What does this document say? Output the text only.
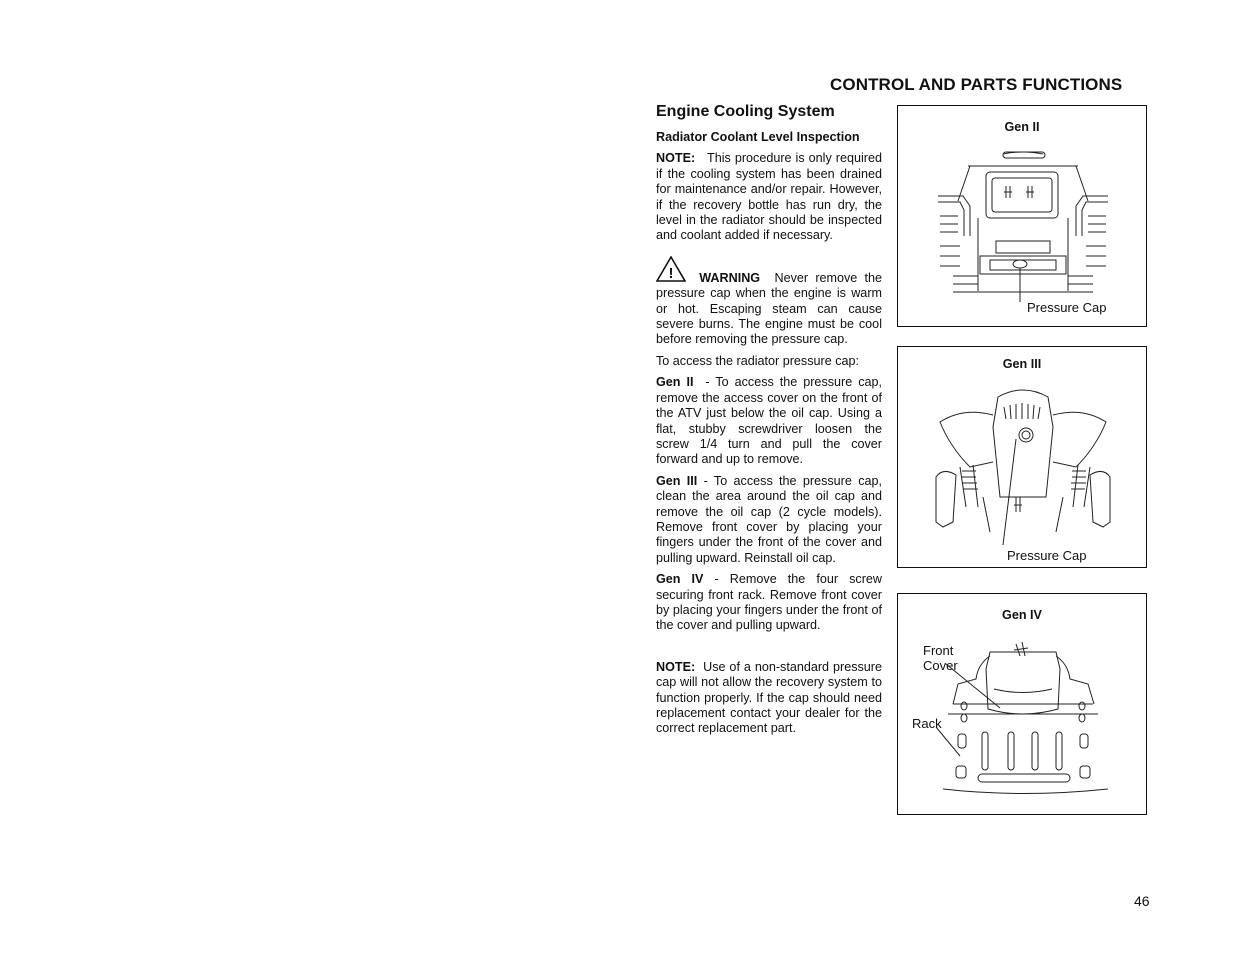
CONTROL AND PARTS FUNCTIONS
Engine Cooling System
Radiator Coolant Level Inspection

NOTE: This procedure is only required if the cooling system has been drained for maintenance and/or repair. However, if the recovery bottle has run dry, the level in the radiator should be inspected and coolant added if necessary.

! WARNING Never remove the pressure cap when the engine is warm or hot. Escaping steam can cause severe burns. The engine must be cool before removing the pressure cap.

To access the radiator pressure cap:

Gen II - To access the pressure cap, remove the access cover on the front of the ATV just below the oil cap. Using a flat, stubby screwdriver loosen the screw 1/4 turn and pull the cover forward and up to remove.

Gen III - To access the pressure cap, clean the area around the oil cap and remove the oil cap (2 cycle models). Remove front cover by placing your fingers under the front of the cover and pulling upward. Reinstall oil cap.

Gen IV - Remove the four screw securing front rack. Remove front cover by placing your fingers under the front of the cover and pulling upward.

NOTE: Use of a non-standard pressure cap will not allow the recovery system to function properly. If the cap should need replacement contact your dealer for the correct replacement part.

Gen II
Pressure Cap
Gen III
Pressure Cap
Gen IV
Front
Cover
Rack
46
